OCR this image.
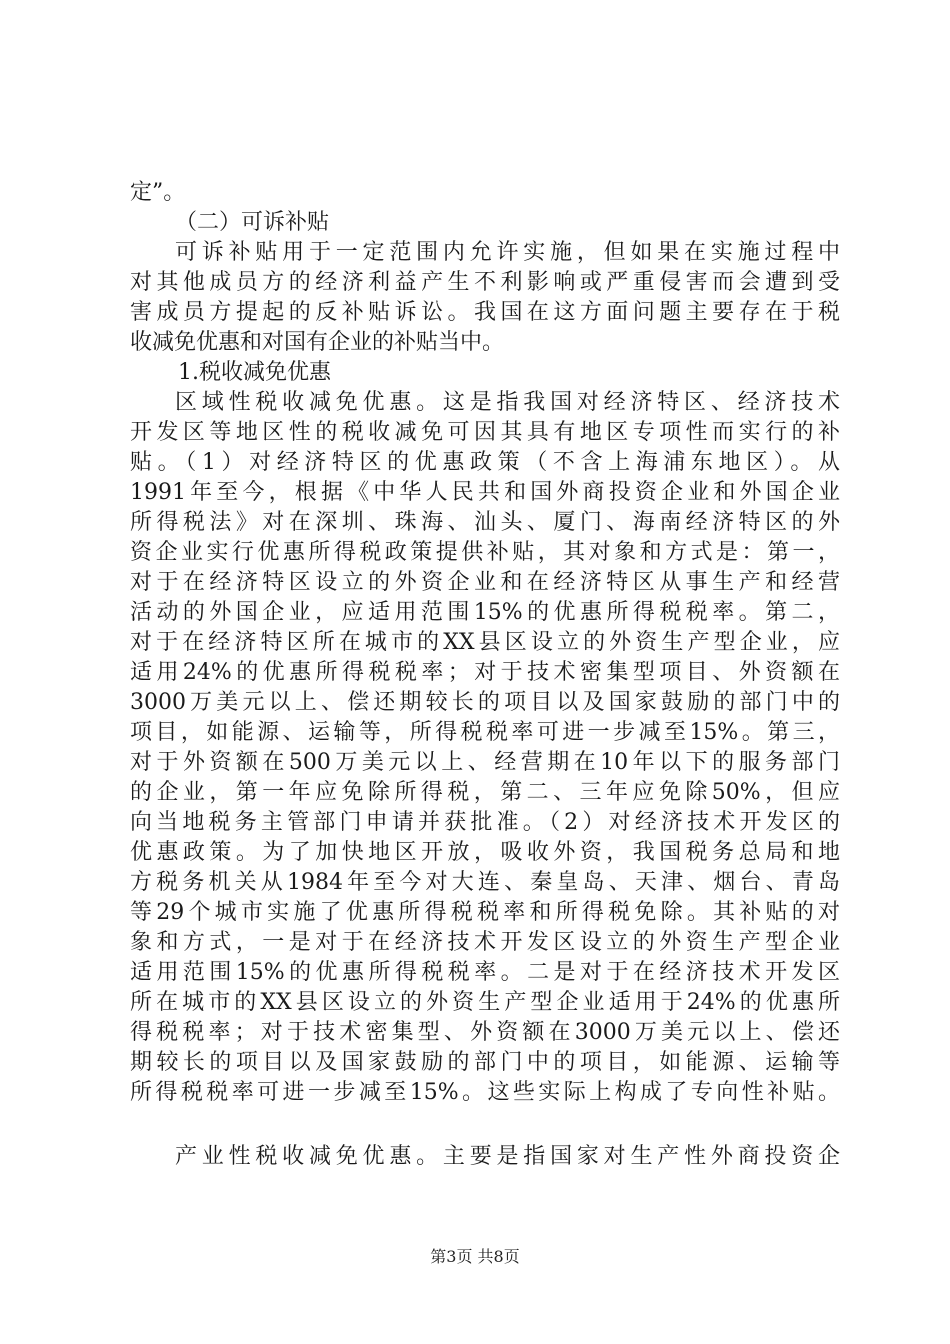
定”。
（二）可诉补贴
可诉补贴用于一定范围内允许实施，但如果在实施过程中
对其他成员方的经济利益产生不利影响或严重侵害而会遭到受
害成员方提起的反补贴诉讼。我国在这方面问题主要存在于税
收减免优惠和对国有企业的补贴当中。
1.税收减免优惠
区域性税收减免优惠。这是指我国对经济特区、经济技术
开发区等地区性的税收减免可因其具有地区专项性而实行的补
贴。（1）对经济特区的优惠政策（不含上海浦东地区）。从
1991年至今，根据《中华人民共和国外商投资企业和外国企业
所得税法》对在深圳、珠海、汕头、厦门、海南经济特区的外
资企业实行优惠所得税政策提供补贴，其对象和方式是：第一，
对于在经济特区设立的外资企业和在经济特区从事生产和经营
活动的外国企业，应适用范围15%的优惠所得税税率。第二，
对于在经济特区所在城市的XX县区设立的外资生产型企业，应
适用24%的优惠所得税税率；对于技术密集型项目、外资额在
3000万美元以上、偿还期较长的项目以及国家鼓励的部门中的
项目，如能源、运输等，所得税税率可进一步减至15%。第三，
对于外资额在500万美元以上、经营期在10年以下的服务部门
的企业，第一年应免除所得税，第二、三年应免除50%，但应
向当地税务主管部门申请并获批准。（2）对经济技术开发区的
优惠政策。为了加快地区开放，吸收外资，我国税务总局和地
方税务机关从1984年至今对大连、秦皇岛、天津、烟台、青岛
等29个城市实施了优惠所得税税率和所得税免除。其补贴的对
象和方式，一是对于在经济技术开发区设立的外资生产型企业
适用范围15%的优惠所得税税率。二是对于在经济技术开发区
所在城市的XX县区设立的外资生产型企业适用于24%的优惠所
得税税率；对于技术密集型、外资额在3000万美元以上、偿还
期较长的项目以及国家鼓励的部门中的项目，如能源、运输等
所得税税率可进一步减至15%。这些实际上构成了专向性补贴。
产业性税收减免优惠。主要是指国家对生产性外商投资企
第3页 共8页
